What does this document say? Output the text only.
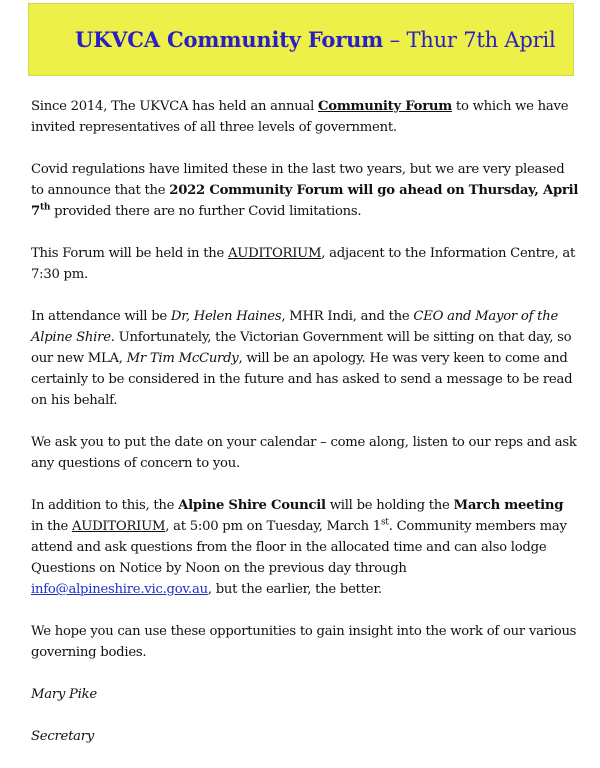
UKVCA Community Forum – Thur 7th April

Since 2014, The UKVCA has held an annual Community Forum to which we have invited representatives of all three levels of government.

Covid regulations have limited these in the last two years, but we are very pleased to announce that the 2022 Community Forum will go ahead on Thursday, April 7th provided there are no further Covid limitations.

This Forum will be held in the AUDITORIUM, adjacent to the Information Centre, at 7:30 pm.

In attendance will be Dr, Helen Haines, MHR Indi, and the CEO and Mayor of the Alpine Shire. Unfortunately, the Victorian Government will be sitting on that day, so our new MLA, Mr Tim McCurdy, will be an apology. He was very keen to come and certainly to be considered in the future and has asked to send a message to be read on his behalf.

We ask you to put the date on your calendar – come along, listen to our reps and ask any questions of concern to you.

In addition to this, the Alpine Shire Council will be holding the March meeting in the AUDITORIUM, at 5:00 pm on Tuesday, March 1st. Community members may attend and ask questions from the floor in the allocated time and can also lodge Questions on Notice by Noon on the previous day through info@alpineshire.vic.gov.au, but the earlier, the better.

We hope you can use these opportunities to gain insight into the work of our various governing bodies.

Mary Pike

Secretary
